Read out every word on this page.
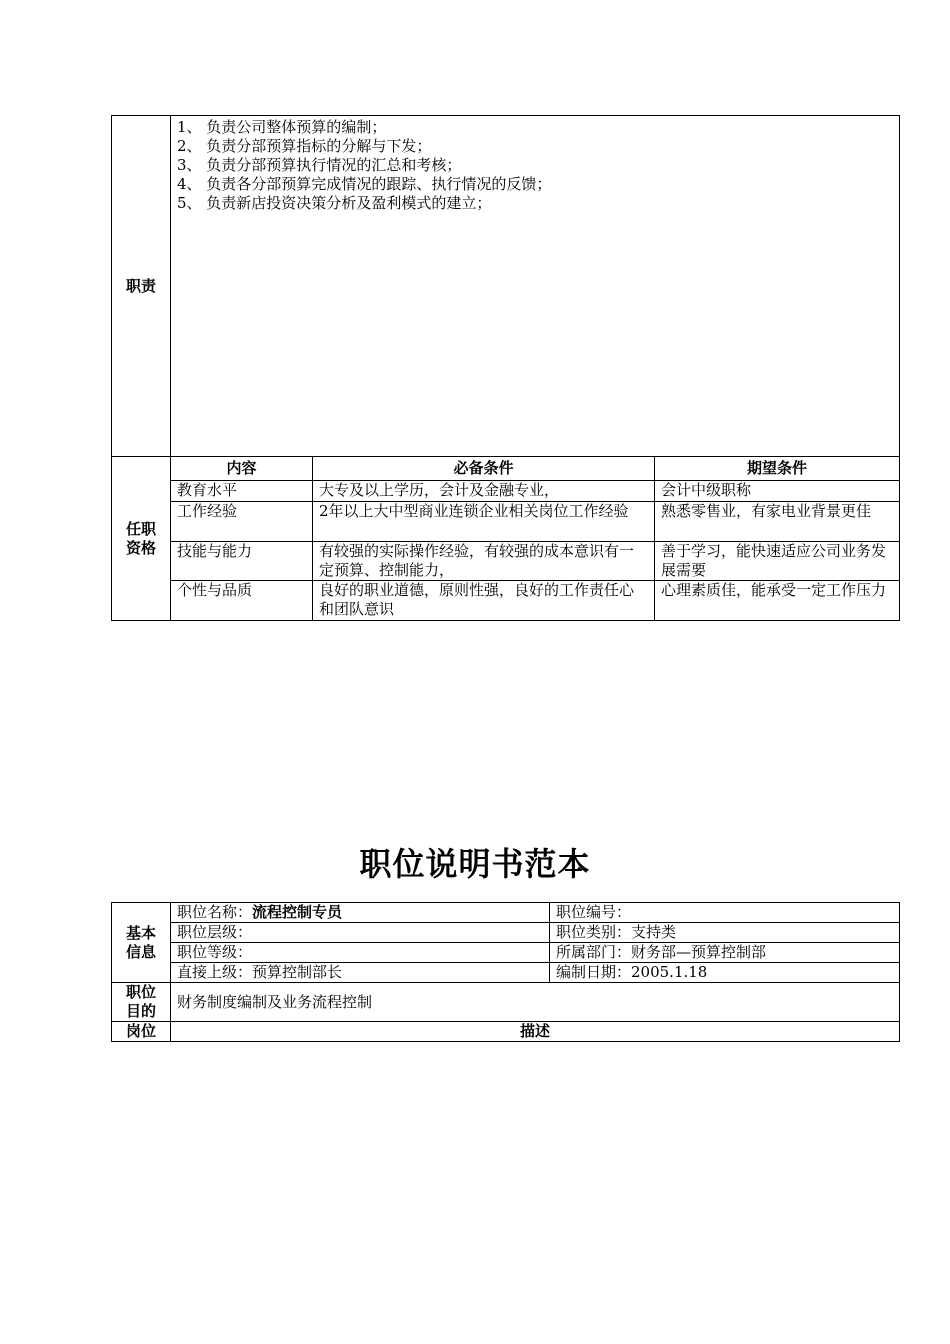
职责	1、 负责公司整体预算的编制；
2、 负责分部预算指标的分解与下发；
3、 负责分部预算执行情况的汇总和考核；
4、 负责各分部预算完成情况的跟踪、执行情况的反馈；
5、 负责新店投资决策分析及盈利模式的建立；		

任职资格	内容	必备条件	期望条件
	教育水平	大专及以上学历，会计及金融专业，	会计中级职称
	工作经验	2年以上大中型商业连锁企业相关岗位工作经验	熟悉零售业，有家电业背景更佳
	技能与能力	有较强的实际操作经验，有较强的成本意识有一定预算、控制能力，	善于学习，能快速适应公司业务发展需要
	个性与品质	良好的职业道德，原则性强，良好的工作责任心和团队意识	心理素质佳，能承受一定工作压力
职位说明书范本
基本信息	职位名称：流程控制专员	职位编号：
	职位层级：	职位类别：支持类
	职位等级：	所属部门：财务部—预算控制部
	直接上级：预算控制部长	编制日期：2005.1.18
职位目的	财务制度编制及业务流程控制	
岗位	描述	
